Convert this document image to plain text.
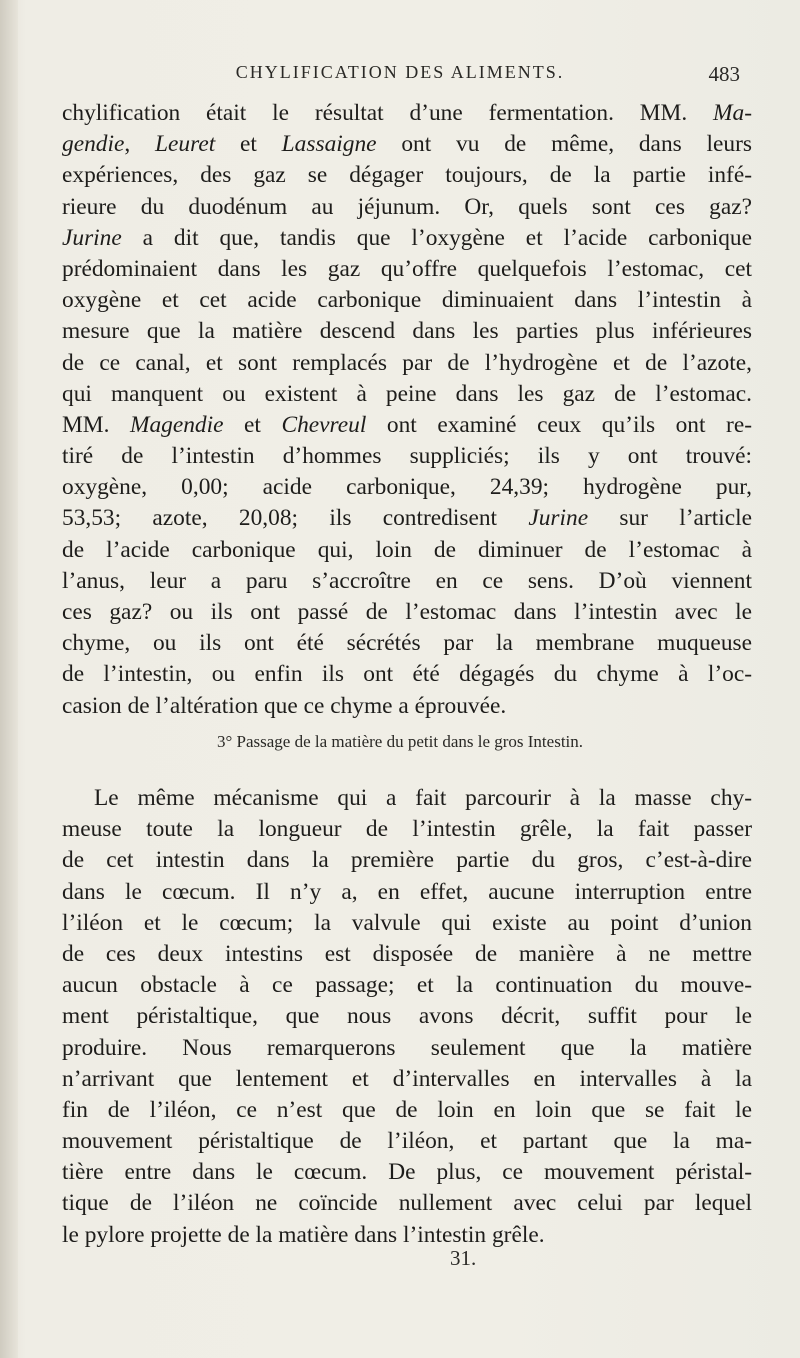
CHYLIFICATION DES ALIMENTS.	483
chylification était le résultat d’une fermentation. MM. Ma-
gendie, Leuret et Lassaigne ont vu de même, dans leurs
expériences, des gaz se dégager toujours, de la partie infé-
rieure du duodénum au jéjunum. Or, quels sont ces gaz?
Jurine a dit que, tandis que l’oxygène et l’acide carbonique
prédominaient dans les gaz qu’offre quelquefois l’estomac, cet
oxygène et cet acide carbonique diminuaient dans l’intestin à
mesure que la matière descend dans les parties plus inférieures
de ce canal, et sont remplacés par de l’hydrogène et de l’azote,
qui manquent ou existent à peine dans les gaz de l’estomac.
MM. Magendie et Chevreul ont examiné ceux qu’ils ont re-
tiré de l’intestin d’hommes suppliciés; ils y ont trouvé:
oxygène, 0,00; acide carbonique, 24,39; hydrogène pur,
53,53; azote, 20,08; ils contredisent Jurine sur l’article
de l’acide carbonique qui, loin de diminuer de l’estomac à
l’anus, leur a paru s’accroître en ce sens. D’où viennent
ces gaz? ou ils ont passé de l’estomac dans l’intestin avec le
chyme, ou ils ont été sécrétés par la membrane muqueuse
de l’intestin, ou enfin ils ont été dégagés du chyme à l’oc-
casion de l’altération que ce chyme a éprouvée.
3° Passage de la matière du petit dans le gros Intestin.
Le même mécanisme qui a fait parcourir à la masse chy-
meuse toute la longueur de l’intestin grêle, la fait passer
de cet intestin dans la première partie du gros, c’est-à-dire
dans le cœcum. Il n’y a, en effet, aucune interruption entre
l’iléon et le cœcum; la valvule qui existe au point d’union
de ces deux intestins est disposée de manière à ne mettre
aucun obstacle à ce passage; et la continuation du mouve-
ment péristaltique, que nous avons décrit, suffit pour le
produire. Nous remarquerons seulement que la matière
n’arrivant que lentement et d’intervalles en intervalles à la
fin de l’iléon, ce n’est que de loin en loin que se fait le
mouvement péristaltique de l’iléon, et partant que la ma-
tière entre dans le cœcum. De plus, ce mouvement péristal-
tique de l’iléon ne coïncide nullement avec celui par lequel
le pylore projette de la matière dans l’intestin grêle.
31.
